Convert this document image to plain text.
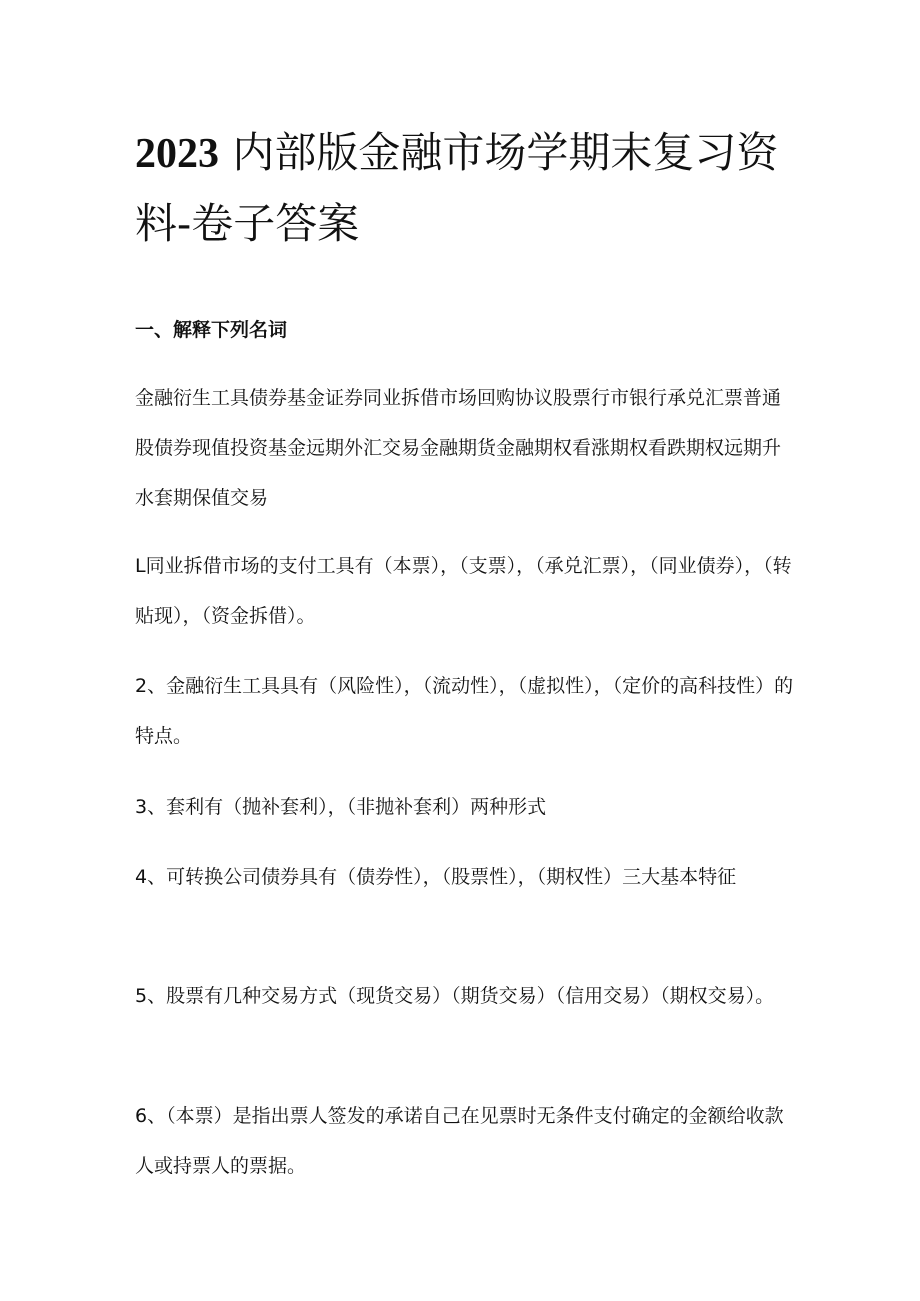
2023 内部版金融市场学期末复习资料-卷子答案
一、解释下列名词

金融衍生工具债券基金证券同业拆借市场回购协议股票行市银行承兑汇票普通股债券现值投资基金远期外汇交易金融期货金融期权看涨期权看跌期权远期升水套期保值交易

L同业拆借市场的支付工具有（本票），（支票），（承兑汇票），（同业债券），（转贴现），（资金拆借）。

2、金融衍生工具具有（风险性），（流动性），（虚拟性），（定价的高科技性）的特点。

3、套利有（抛补套利），（非抛补套利）两种形式

4、可转换公司债券具有（债券性），（股票性），（期权性）三大基本特征

5、股票有几种交易方式（现货交易）（期货交易）（信用交易）（期权交易）。

6、（本票）是指出票人签发的承诺自己在见票时无条件支付确定的金额给收款人或持票人的票据。
